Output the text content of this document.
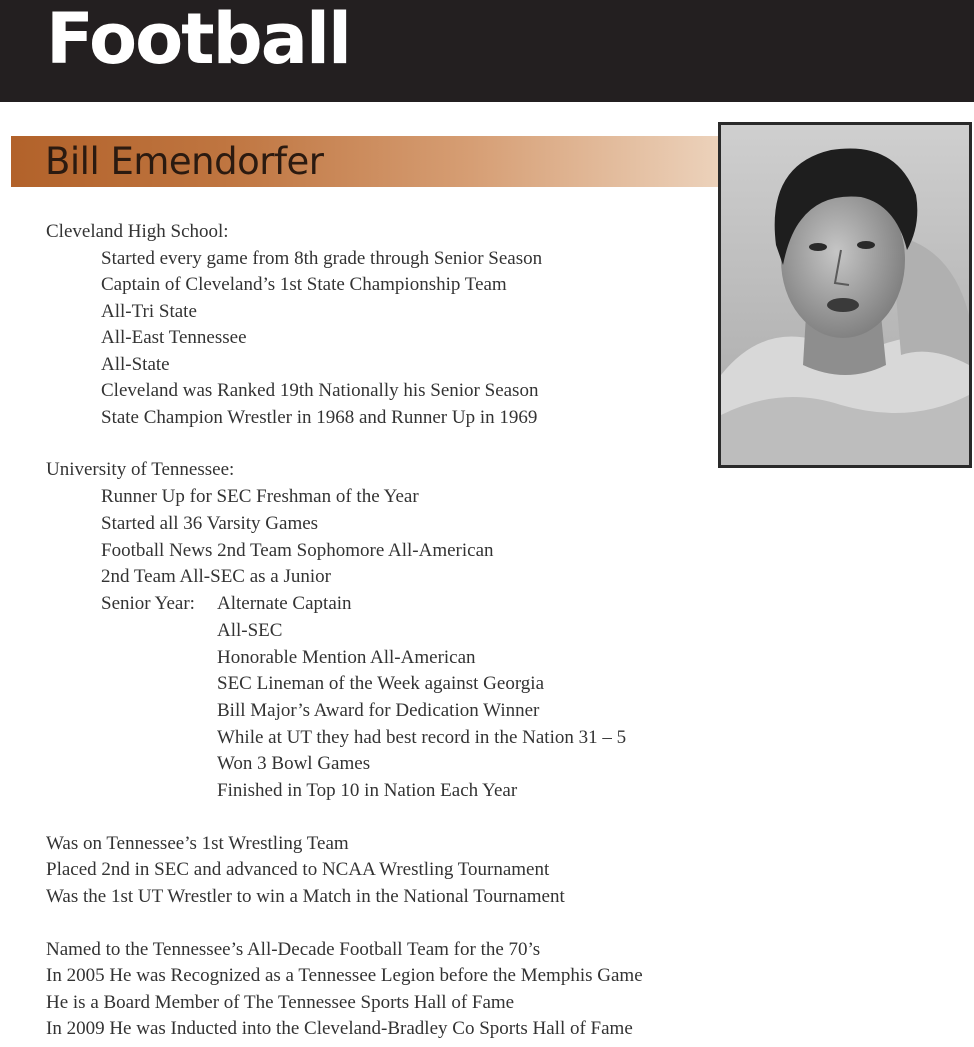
Football
Bill Emendorfer
Cleveland High School:
Started every game from 8th grade through Senior Season
Captain of Cleveland’s 1st State Championship Team
All-Tri State
All-East Tennessee
All-State
Cleveland was Ranked 19th Nationally his Senior Season
State Champion Wrestler in 1968 and Runner Up in 1969
University of Tennessee:
Runner Up for SEC Freshman of the Year
Started all 36 Varsity Games
Football News 2nd Team Sophomore All-American
2nd Team All-SEC as a Junior
Senior Year: Alternate Captain
All-SEC
Honorable Mention All-American
SEC Lineman of the Week against Georgia
Bill Major’s Award for Dedication Winner
While at UT they had best record in the Nation 31 – 5
Won 3 Bowl Games
Finished in Top 10 in Nation Each Year
Was on Tennessee’s 1st Wrestling Team
Placed 2nd in SEC and advanced to NCAA Wrestling Tournament
Was the 1st UT Wrestler to win a Match in the National Tournament
Named to the Tennessee’s All-Decade Football Team for the 70’s
In 2005 He was Recognized as a Tennessee Legion before the Memphis Game
He is a Board Member of The Tennessee Sports Hall of Fame
In 2009 He was Inducted into the Cleveland-Bradley Co Sports Hall of Fame
